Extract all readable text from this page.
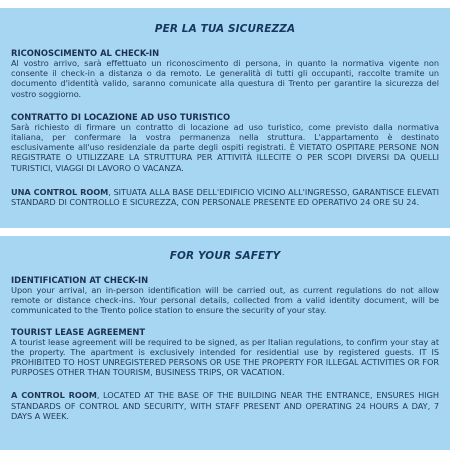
PER LA TUA SICUREZZA

RICONOSCIMENTO AL CHECK-IN

Al vostro arrivo, sarà effettuato un riconoscimento di persona, in quanto la normativa vigente non consente il check-in a distanza o da remoto. Le generalità di tutti gli occupanti, raccolte tramite un documento d'identità valido, saranno comunicate alla questura di Trento per garantire la sicurezza del vostro soggiorno.

CONTRATTO DI LOCAZIONE AD USO TURISTICO

Sarà richiesto di firmare un contratto di locazione ad uso turistico, come previsto dalla normativa italiana, per confermare la vostra permanenza nella struttura. L'appartamento è destinato esclusivamente all'uso residenziale da parte degli ospiti registrati. È VIETATO OSPITARE PERSONE NON REGISTRATE O UTILIZZARE LA STRUTTURA PER ATTIVITÀ ILLECITE O PER SCOPI DIVERSI DA QUELLI TURISTICI, VIAGGI DI LAVORO O VACANZA.

UNA CONTROL ROOM, SITUATA ALLA BASE DELL'EDIFICIO VICINO ALL'INGRESSO, GARANTISCE ELEVATI STANDARD DI CONTROLLO E SICUREZZA, CON PERSONALE PRESENTE ED OPERATIVO 24 ORE SU 24.

FOR YOUR SAFETY

IDENTIFICATION AT CHECK-IN

Upon your arrival, an in-person identification will be carried out, as current regulations do not allow remote or distance check-ins. Your personal details, collected from a valid identity document, will be communicated to the Trento police station to ensure the security of your stay.

TOURIST LEASE AGREEMENT

A tourist lease agreement will be required to be signed, as per Italian regulations, to confirm your stay at the property. The apartment is exclusively intended for residential use by registered guests. IT IS PROHIBITED TO HOST UNREGISTERED PERSONS OR USE THE PROPERTY FOR ILLEGAL ACTIVITIES OR FOR PURPOSES OTHER THAN TOURISM, BUSINESS TRIPS, OR VACATION.

A CONTROL ROOM, LOCATED AT THE BASE OF THE BUILDING NEAR THE ENTRANCE, ENSURES HIGH STANDARDS OF CONTROL AND SECURITY, WITH STAFF PRESENT AND OPERATING 24 HOURS A DAY, 7 DAYS A WEEK.
